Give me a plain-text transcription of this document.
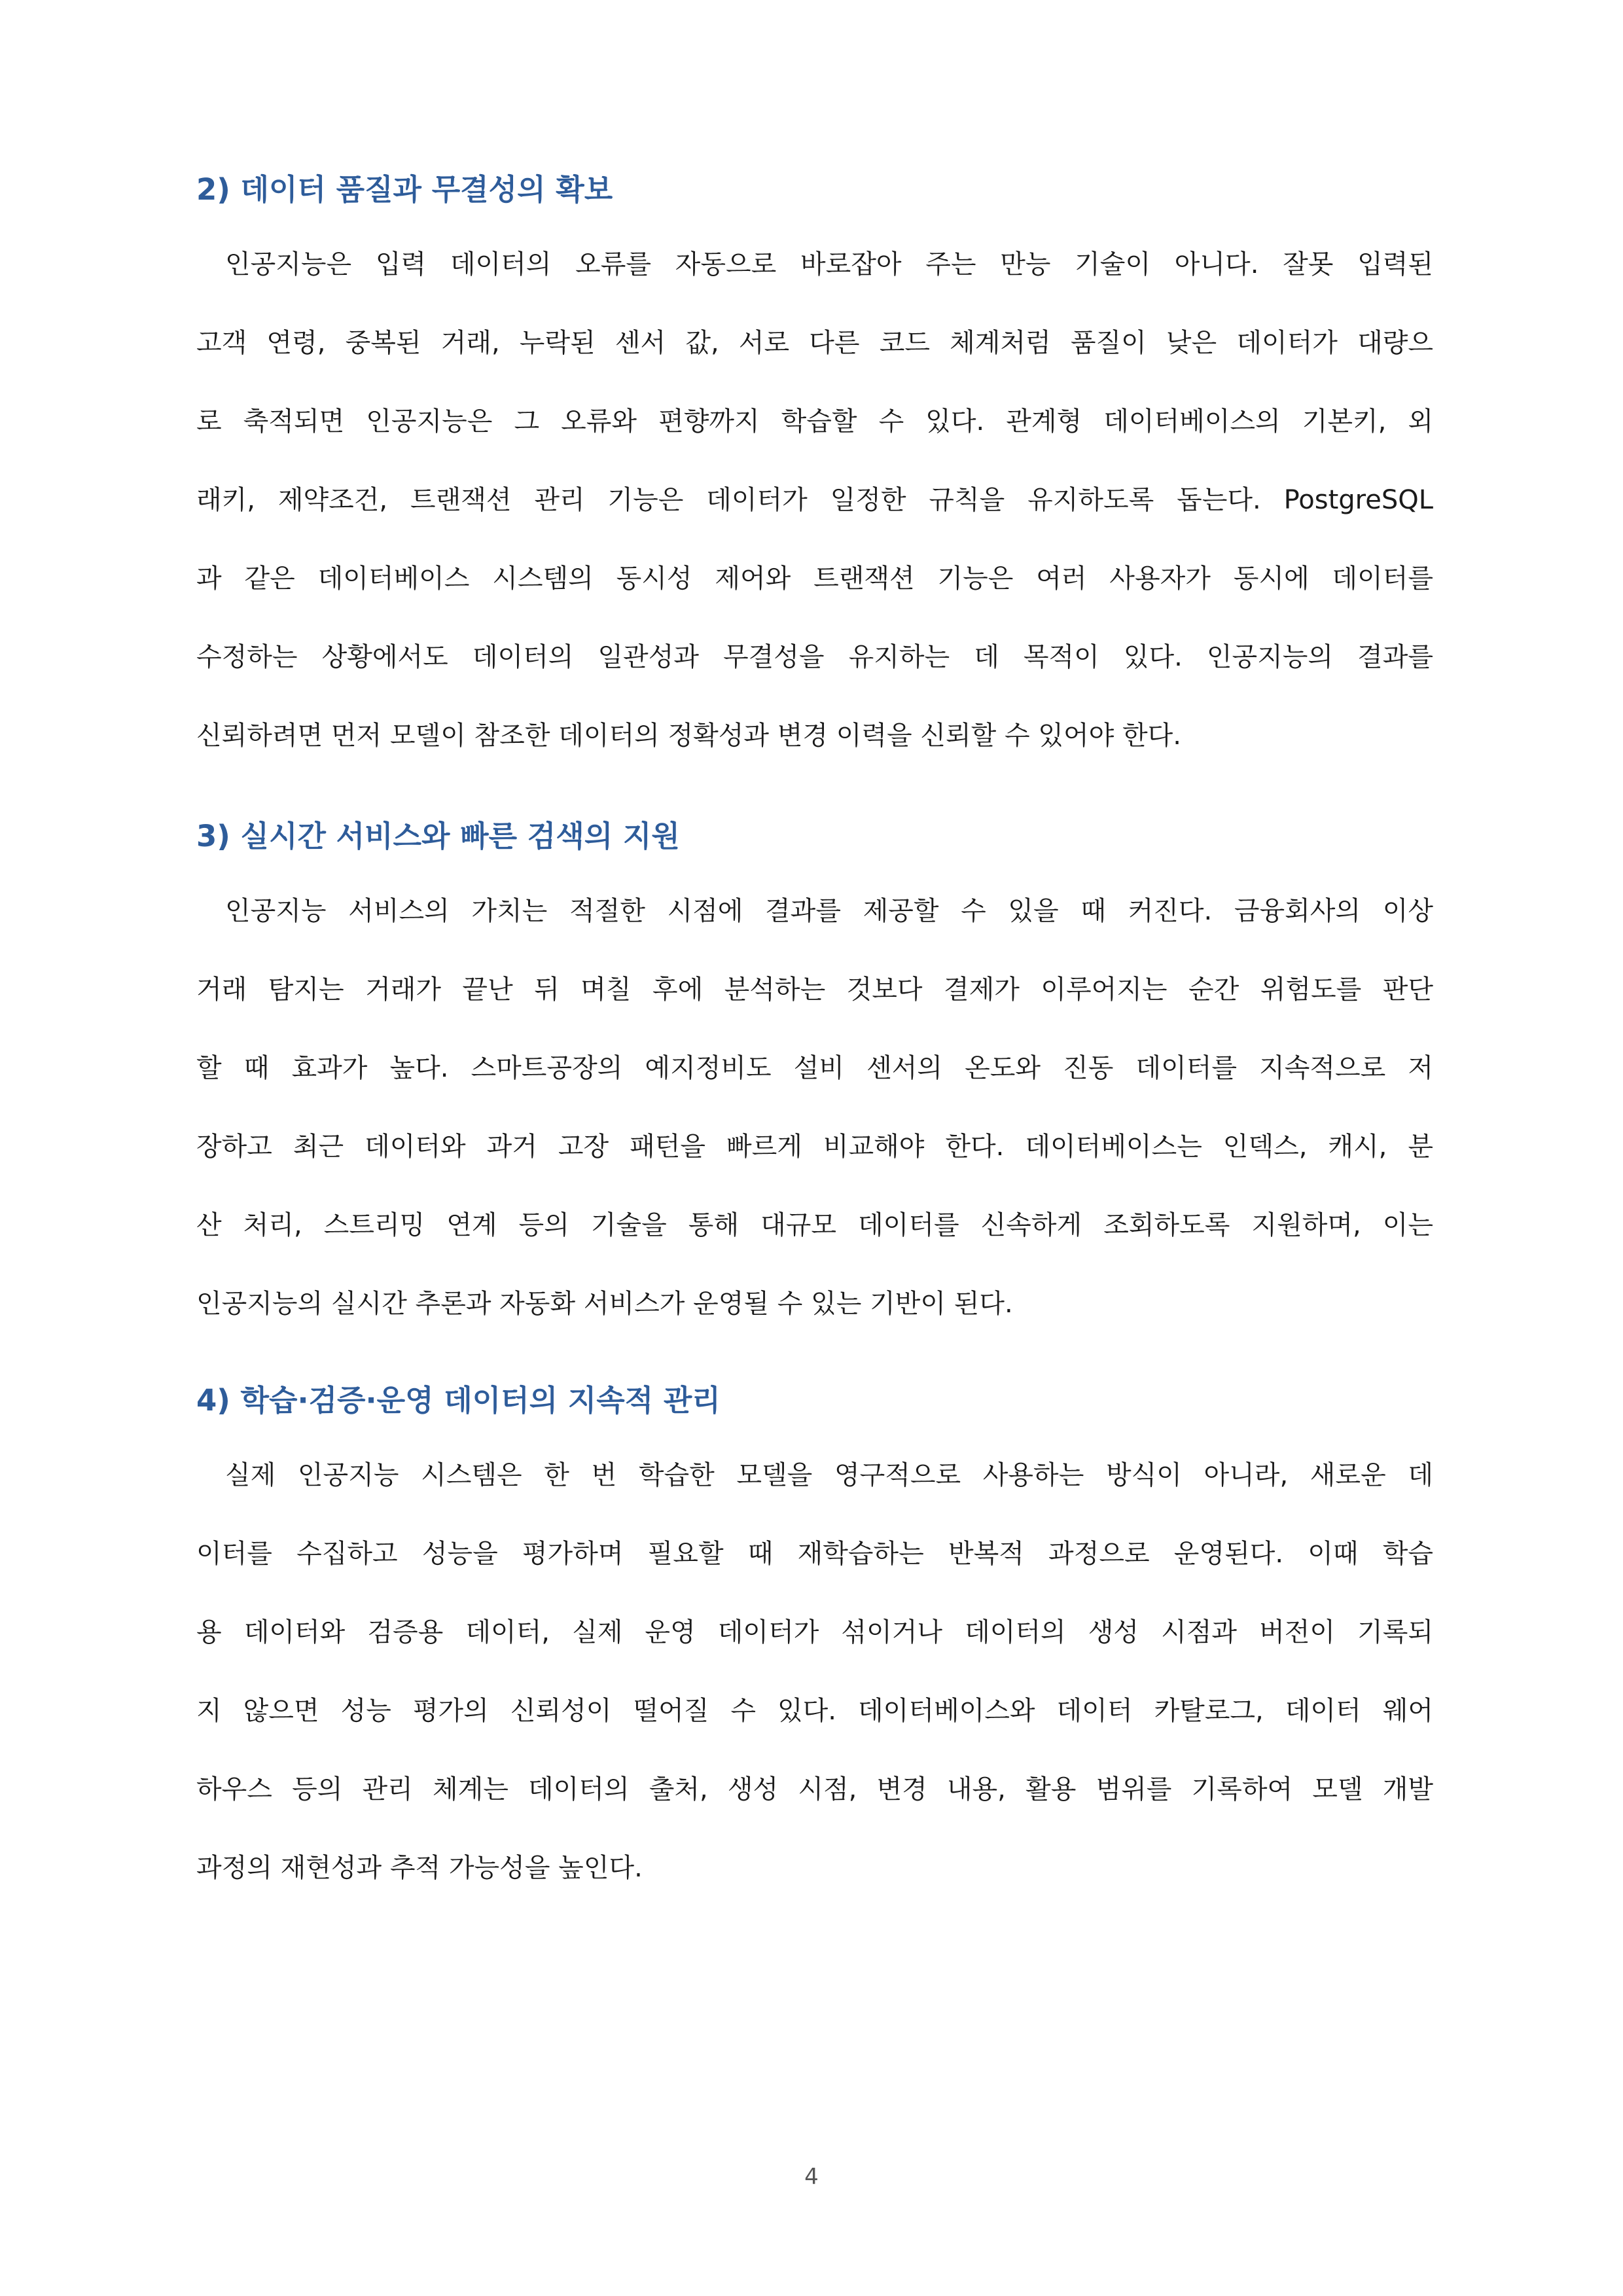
2) 데이터 품질과 무결성의 확보
인공지능은 입력 데이터의 오류를 자동으로 바로잡아 주는 만능 기술이 아니다. 잘못 입력된
고객 연령, 중복된 거래, 누락된 센서 값, 서로 다른 코드 체계처럼 품질이 낮은 데이터가 대량으
로 축적되면 인공지능은 그 오류와 편향까지 학습할 수 있다. 관계형 데이터베이스의 기본키, 외
래키, 제약조건, 트랜잭션 관리 기능은 데이터가 일정한 규칙을 유지하도록 돕는다. PostgreSQL
과 같은 데이터베이스 시스템의 동시성 제어와 트랜잭션 기능은 여러 사용자가 동시에 데이터를
수정하는 상황에서도 데이터의 일관성과 무결성을 유지하는 데 목적이 있다. 인공지능의 결과를
신뢰하려면 먼저 모델이 참조한 데이터의 정확성과 변경 이력을 신뢰할 수 있어야 한다.
3) 실시간 서비스와 빠른 검색의 지원
인공지능 서비스의 가치는 적절한 시점에 결과를 제공할 수 있을 때 커진다. 금융회사의 이상
거래 탐지는 거래가 끝난 뒤 며칠 후에 분석하는 것보다 결제가 이루어지는 순간 위험도를 판단
할 때 효과가 높다. 스마트공장의 예지정비도 설비 센서의 온도와 진동 데이터를 지속적으로 저
장하고 최근 데이터와 과거 고장 패턴을 빠르게 비교해야 한다. 데이터베이스는 인덱스, 캐시, 분
산 처리, 스트리밍 연계 등의 기술을 통해 대규모 데이터를 신속하게 조회하도록 지원하며, 이는
인공지능의 실시간 추론과 자동화 서비스가 운영될 수 있는 기반이 된다.
4) 학습·검증·운영 데이터의 지속적 관리
실제 인공지능 시스템은 한 번 학습한 모델을 영구적으로 사용하는 방식이 아니라, 새로운 데
이터를 수집하고 성능을 평가하며 필요할 때 재학습하는 반복적 과정으로 운영된다. 이때 학습
용 데이터와 검증용 데이터, 실제 운영 데이터가 섞이거나 데이터의 생성 시점과 버전이 기록되
지 않으면 성능 평가의 신뢰성이 떨어질 수 있다. 데이터베이스와 데이터 카탈로그, 데이터 웨어
하우스 등의 관리 체계는 데이터의 출처, 생성 시점, 변경 내용, 활용 범위를 기록하여 모델 개발
과정의 재현성과 추적 가능성을 높인다.
4
